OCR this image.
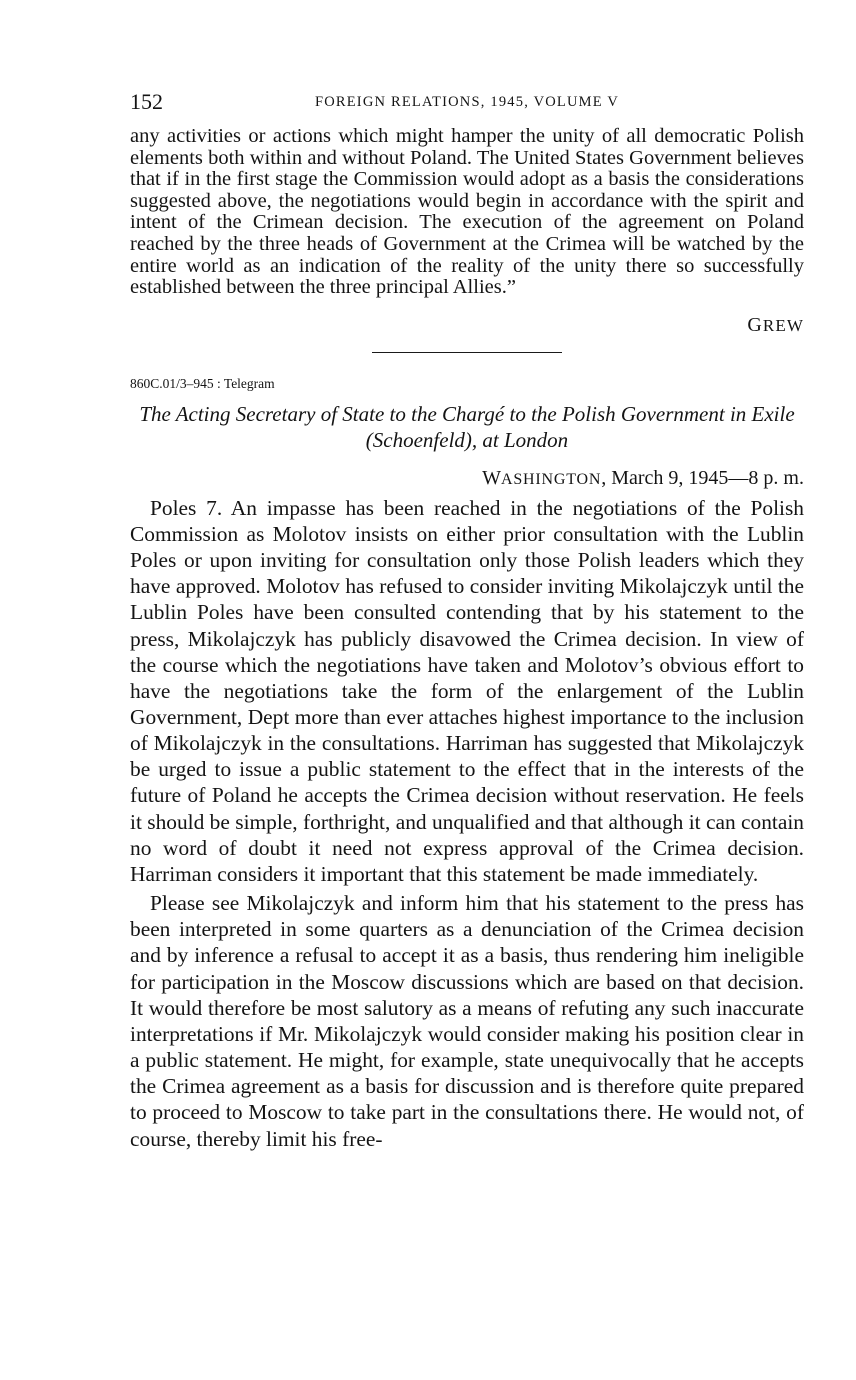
152	FOREIGN RELATIONS, 1945, VOLUME V

any activities or actions which might hamper the unity of all democratic Polish elements both within and without Poland. The United States Government believes that if in the first stage the Commission would adopt as a basis the considerations suggested above, the negotiations would begin in accordance with the spirit and intent of the Crimean decision. The execution of the agreement on Poland reached by the three heads of Government at the Crimea will be watched by the entire world as an indication of the reality of the unity there so successfully established between the three principal Allies.”

GREW
860C.01/3–945 : Telegram
The Acting Secretary of State to the Chargé to the Polish Government in Exile (Schoenfeld), at London
WASHINGTON, March 9, 1945—8 p. m.

Poles 7. An impasse has been reached in the negotiations of the Polish Commission as Molotov insists on either prior consultation with the Lublin Poles or upon inviting for consultation only those Polish leaders which they have approved. Molotov has refused to consider inviting Mikolajczyk until the Lublin Poles have been consulted contending that by his statement to the press, Mikolajczyk has publicly disavowed the Crimea decision. In view of the course which the negotiations have taken and Molotov’s obvious effort to have the negotiations take the form of the enlargement of the Lublin Government, Dept more than ever attaches highest importance to the inclusion of Mikolajczyk in the consultations. Harriman has suggested that Mikolajczyk be urged to issue a public statement to the effect that in the interests of the future of Poland he accepts the Crimea decision without reservation. He feels it should be simple, forthright, and unqualified and that although it can contain no word of doubt it need not express approval of the Crimea decision. Harriman considers it important that this statement be made immediately.

Please see Mikolajczyk and inform him that his statement to the press has been interpreted in some quarters as a denunciation of the Crimea decision and by inference a refusal to accept it as a basis, thus rendering him ineligible for participation in the Moscow discussions which are based on that decision. It would therefore be most salutory as a means of refuting any such inaccurate interpretations if Mr. Mikolajczyk would consider making his position clear in a public statement. He might, for example, state unequivocally that he accepts the Crimea agreement as a basis for discussion and is therefore quite prepared to proceed to Moscow to take part in the consultations there. He would not, of course, thereby limit his free-
